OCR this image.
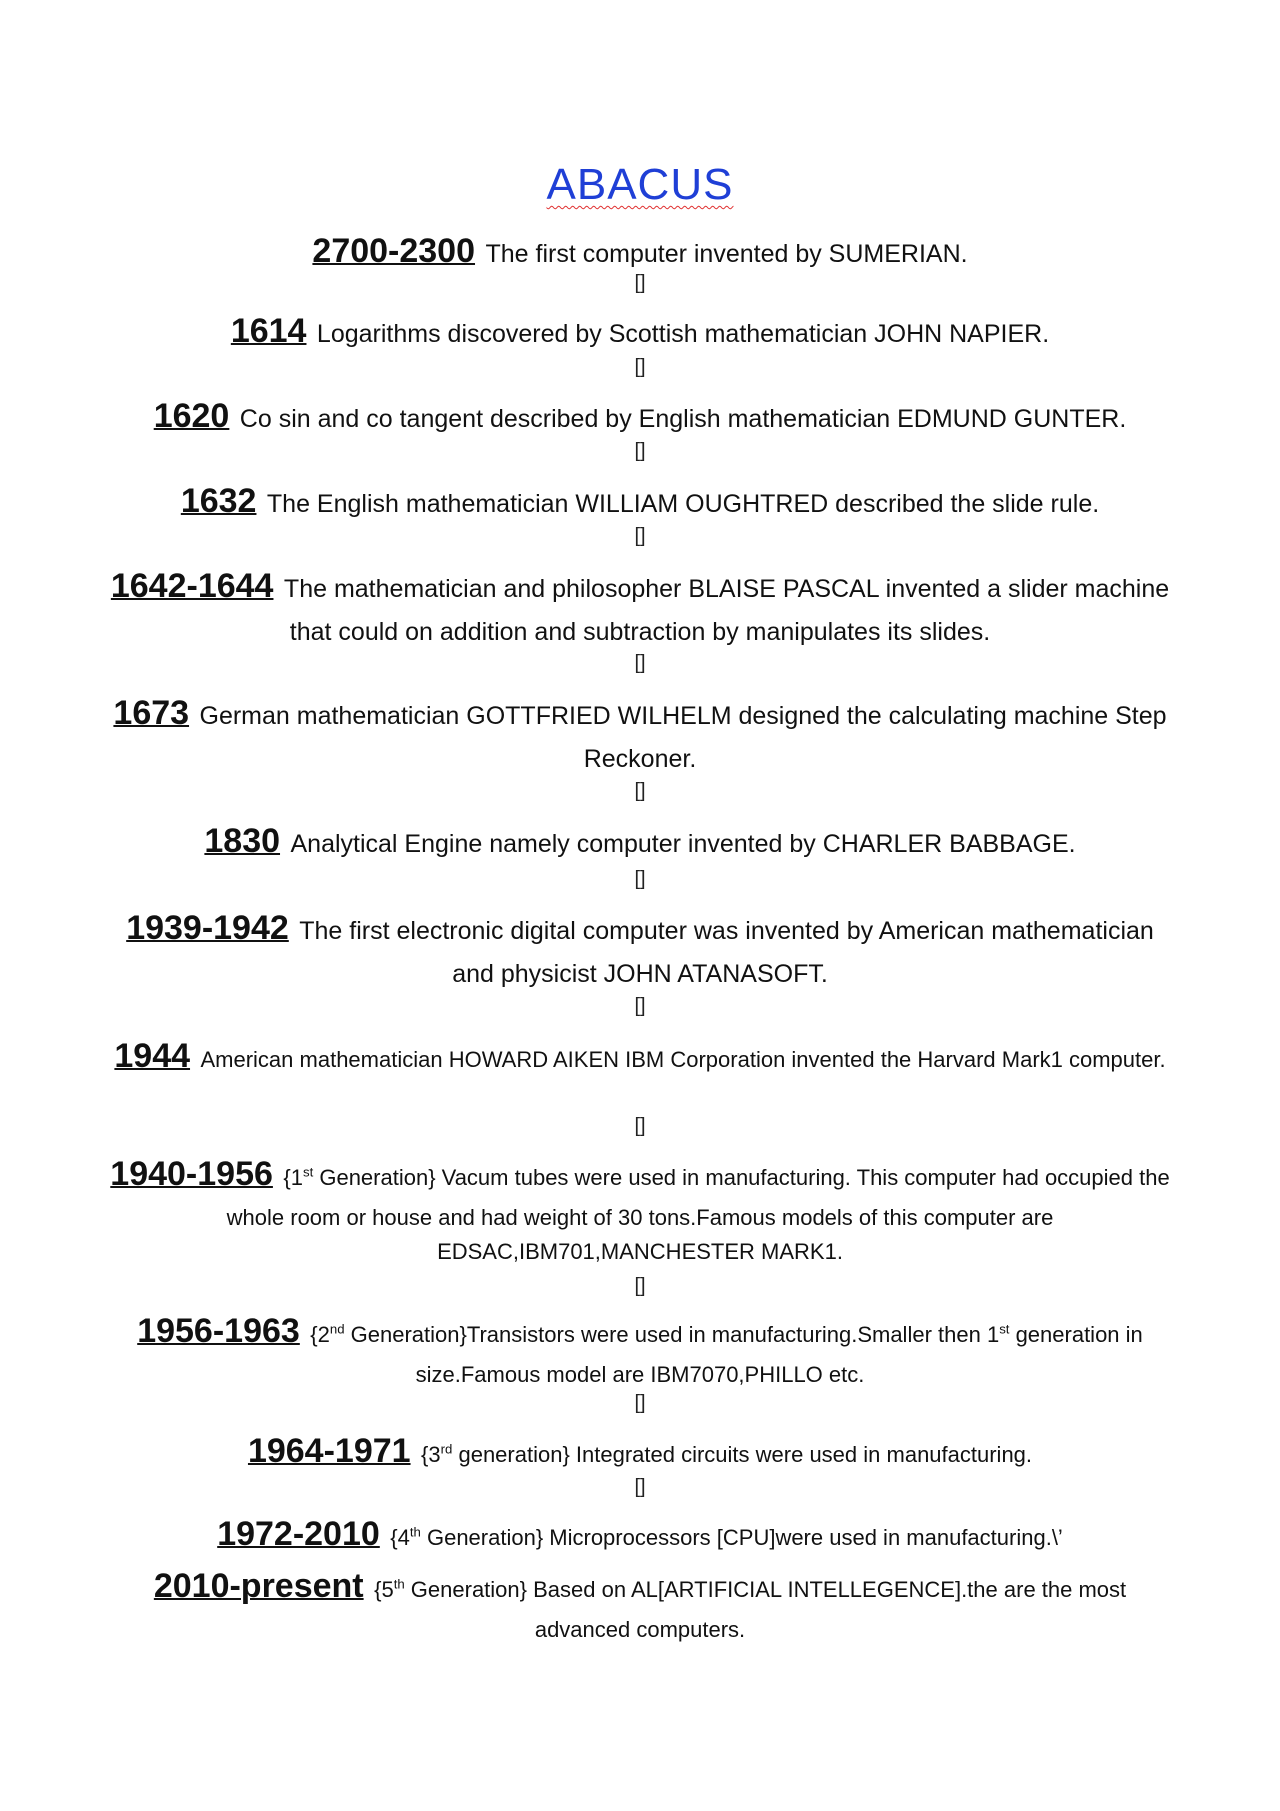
ABACUS
2700-2300 The first computer invented by SUMERIAN.
[]
1614 Logarithms discovered by Scottish mathematician JOHN NAPIER.
[]
1620 Co sin and co tangent described by English mathematician EDMUND GUNTER.
[]
1632 The English mathematician WILLIAM OUGHTRED described the slide rule.
[]
1642-1644 The mathematician and philosopher BLAISE PASCAL invented a slider machine that could on addition and subtraction by manipulates its slides.
[]
1673 German mathematician GOTTFRIED WILHELM designed the calculating machine Step Reckoner.
[]
1830 Analytical Engine namely computer invented by CHARLER BABBAGE.
[]
1939-1942 The first electronic digital computer was invented by American mathematician and physicist JOHN ATANASOFT.
[]
1944 American mathematician HOWARD AIKEN IBM Corporation invented the Harvard Mark1 computer.
[]
1940-1956 {1st Generation} Vacum tubes were used in manufacturing. This computer had occupied the whole room or house and had weight of 30 tons.Famous models of this computer are EDSAC,IBM701,MANCHESTER MARK1.
[]
1956-1963 {2nd Generation}Transistors were used in manufacturing.Smaller then 1st generation in size.Famous model are IBM7070,PHILLO etc.
[]
1964-1971 {3rd generation} Integrated circuits were used in manufacturing.
[]
1972-2010 {4th Generation} Microprocessors [CPU]were used in manufacturing.\’
2010-present {5th Generation} Based on AL[ARTIFICIAL INTELLEGENCE].the are the most advanced computers.
